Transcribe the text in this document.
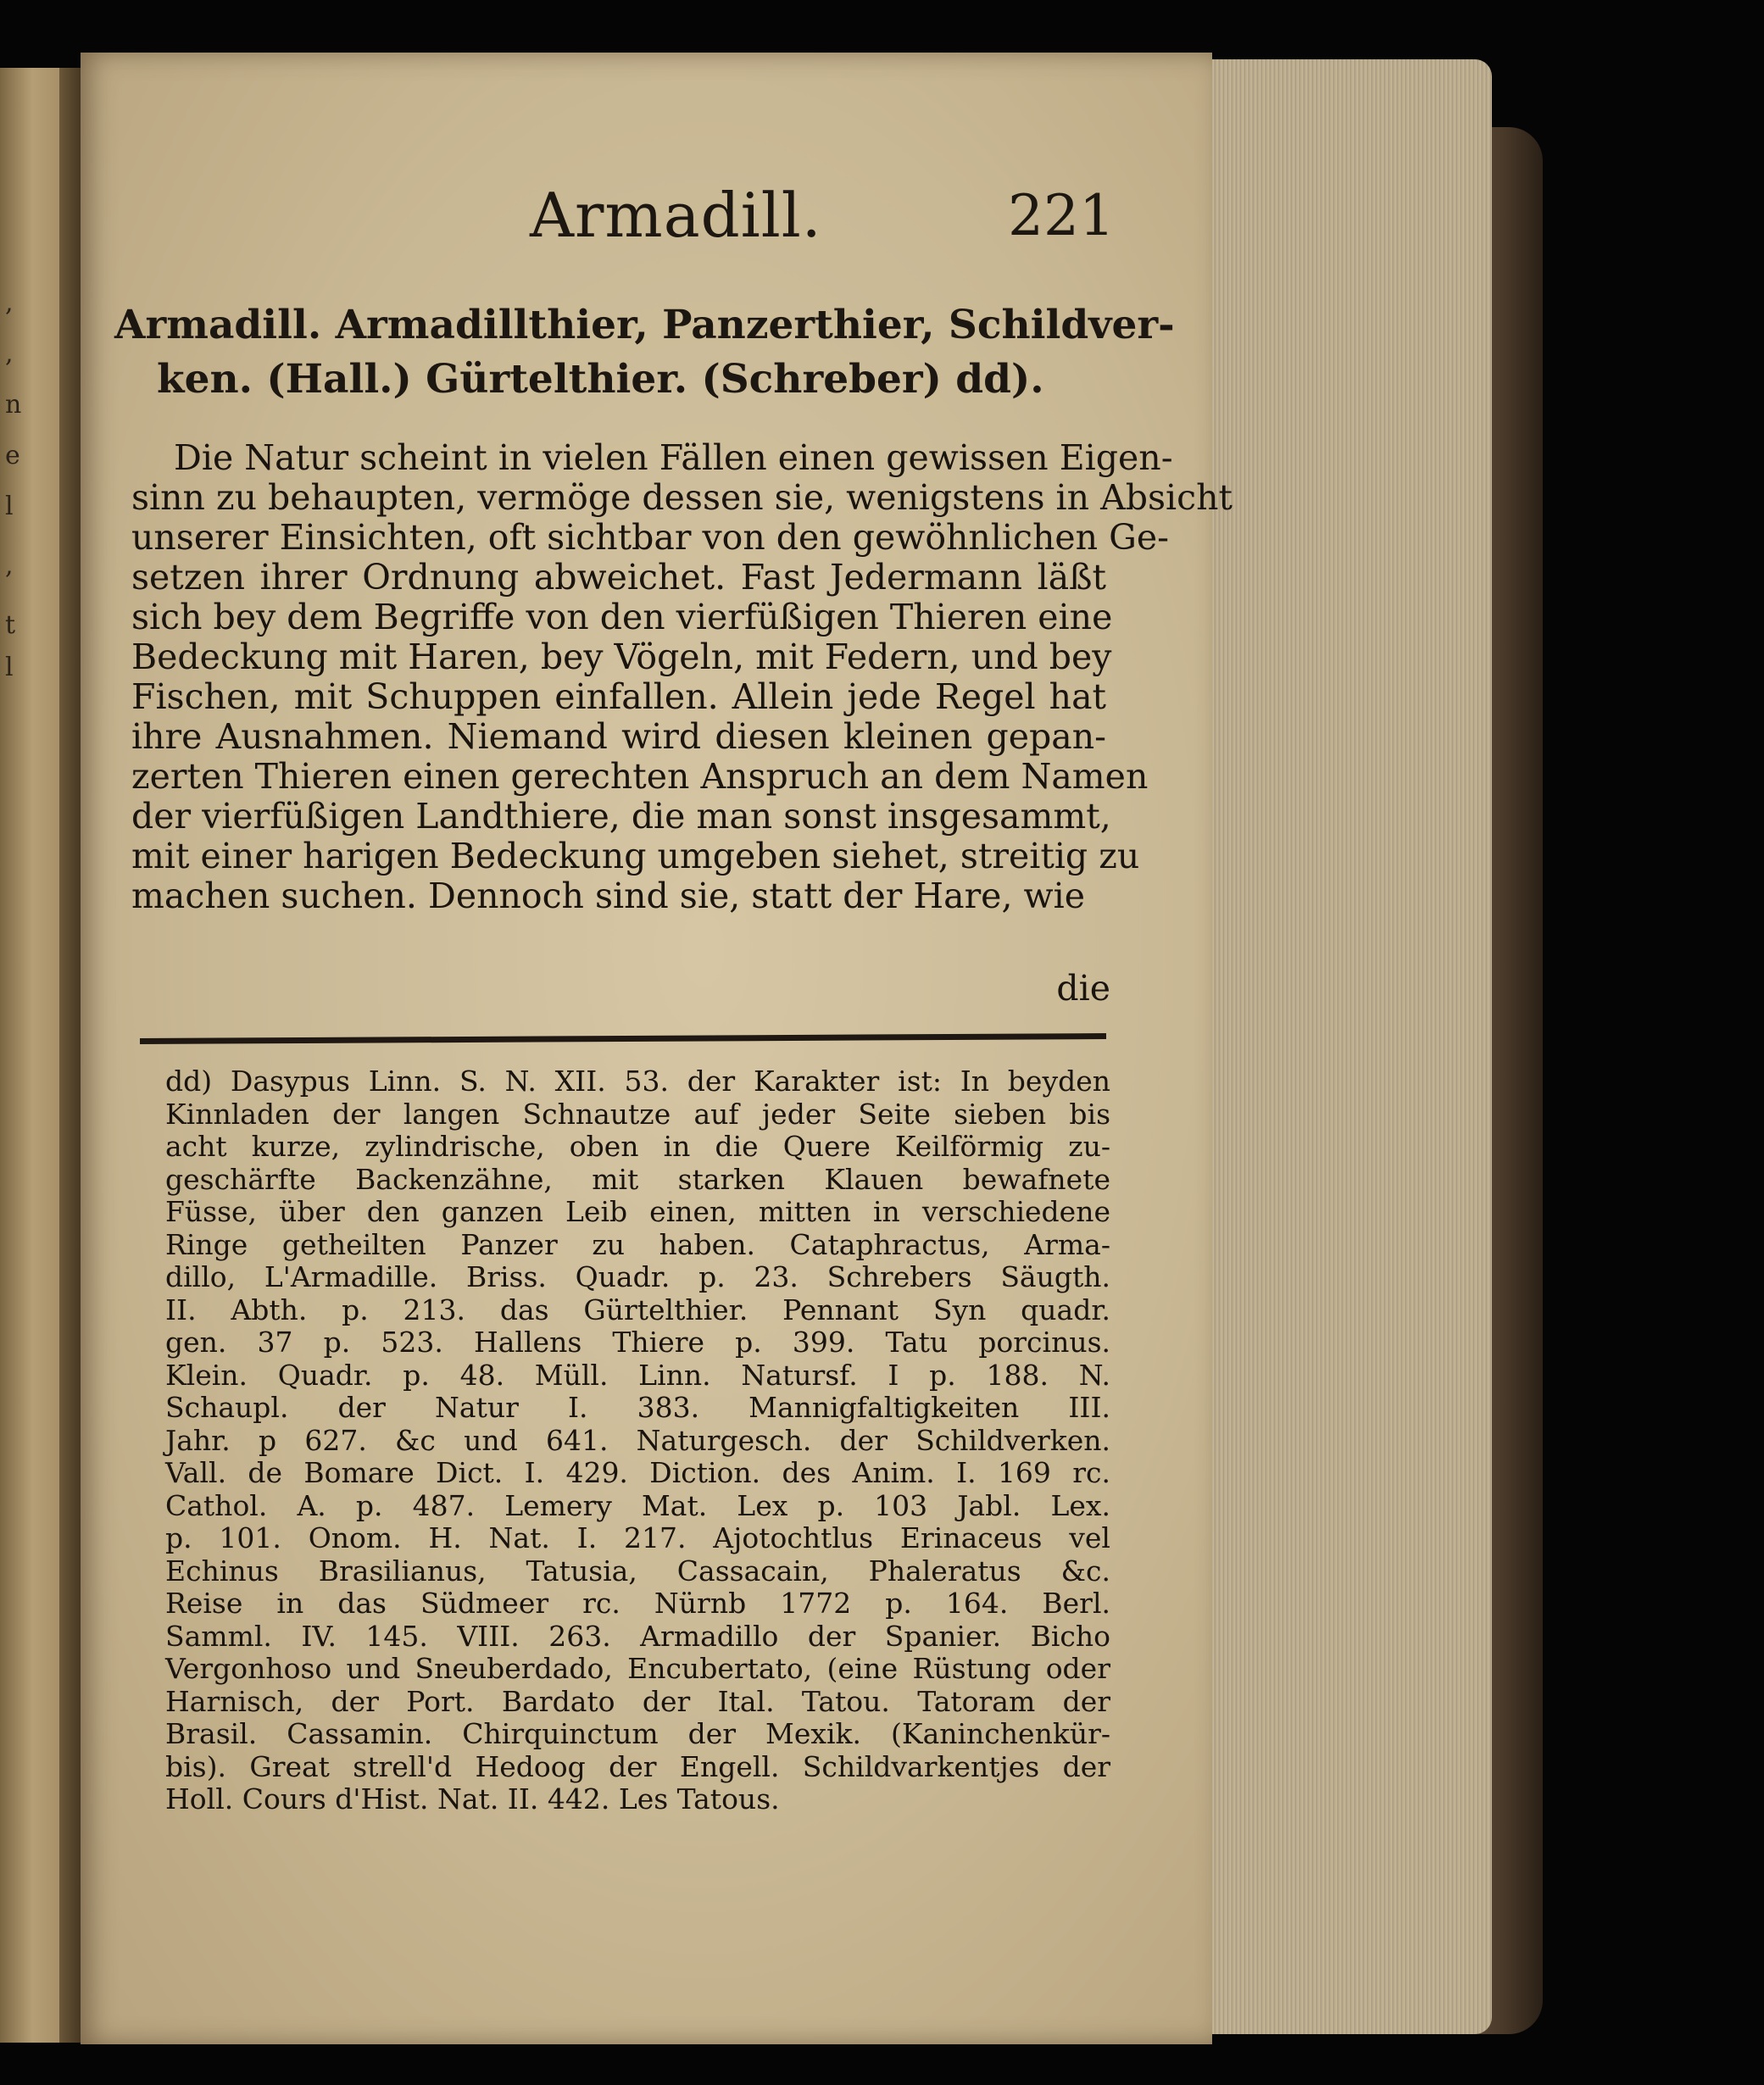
,
,
n
e
l
,
t
l
Armadill.	221
Armadill. Armadillthier, Panzerthier, Schildver-
ken. (Hall.) Gürtelthier. (Schreber) dd).
Die Natur scheint in vielen Fällen einen gewissen Eigen-
sinn zu behaupten, vermöge dessen sie, wenigstens in Absicht
unserer Einsichten, oft sichtbar von den gewöhnlichen Ge-
setzen ihrer Ordnung abweichet. Fast Jedermann läßt
sich bey dem Begriffe von den vierfüßigen Thieren eine
Bedeckung mit Haren, bey Vögeln, mit Federn, und bey
Fischen, mit Schuppen einfallen. Allein jede Regel hat
ihre Ausnahmen. Niemand wird diesen kleinen gepan-
zerten Thieren einen gerechten Anspruch an dem Namen
der vierfüßigen Landthiere, die man sonst insgesammt,
mit einer harigen Bedeckung umgeben siehet, streitig zu
machen suchen. Dennoch sind sie, statt der Hare, wie
die
dd) Dasypus Linn. S. N. XII. 53. der Karakter ist: In beyden
Kinnladen der langen Schnautze auf jeder Seite sieben bis
acht kurze, zylindrische, oben in die Quere Keilförmig zu-
geschärfte Backenzähne, mit starken Klauen bewafnete
Füsse, über den ganzen Leib einen, mitten in verschiedene
Ringe getheilten Panzer zu haben. Cataphractus, Arma-
dillo, L'Armadille. Briss. Quadr. p. 23. Schrebers Säugth.
II. Abth. p. 213. das Gürtelthier. Pennant Syn quadr.
gen. 37 p. 523. Hallens Thiere p. 399. Tatu porcinus.
Klein. Quadr. p. 48. Müll. Linn. Natursf. I p. 188. N.
Schaupl. der Natur I. 383. Mannigfaltigkeiten III.
Jahr. p 627. &c und 641. Naturgesch. der Schildverken.
Vall. de Bomare Dict. I. 429. Diction. des Anim. I. 169 rc.
Cathol. A. p. 487. Lemery Mat. Lex p. 103 Jabl. Lex.
p. 101. Onom. H. Nat. I. 217. Ajotochtlus Erinaceus vel
Echinus Brasilianus, Tatusia, Cassacain, Phaleratus &c.
Reise in das Südmeer rc. Nürnb 1772 p. 164. Berl.
Samml. IV. 145. VIII. 263. Armadillo der Spanier. Bicho
Vergonhoso und Sneuberdado, Encubertato, (eine Rüstung oder
Harnisch, der Port. Bardato der Ital. Tatou. Tatoram der
Brasil. Cassamin. Chirquinctum der Mexik. (Kaninchenkür-
bis). Great strell'd Hedoog der Engell. Schildvarkentjes der
Holl. Cours d'Hist. Nat. II. 442. Les Tatous.
